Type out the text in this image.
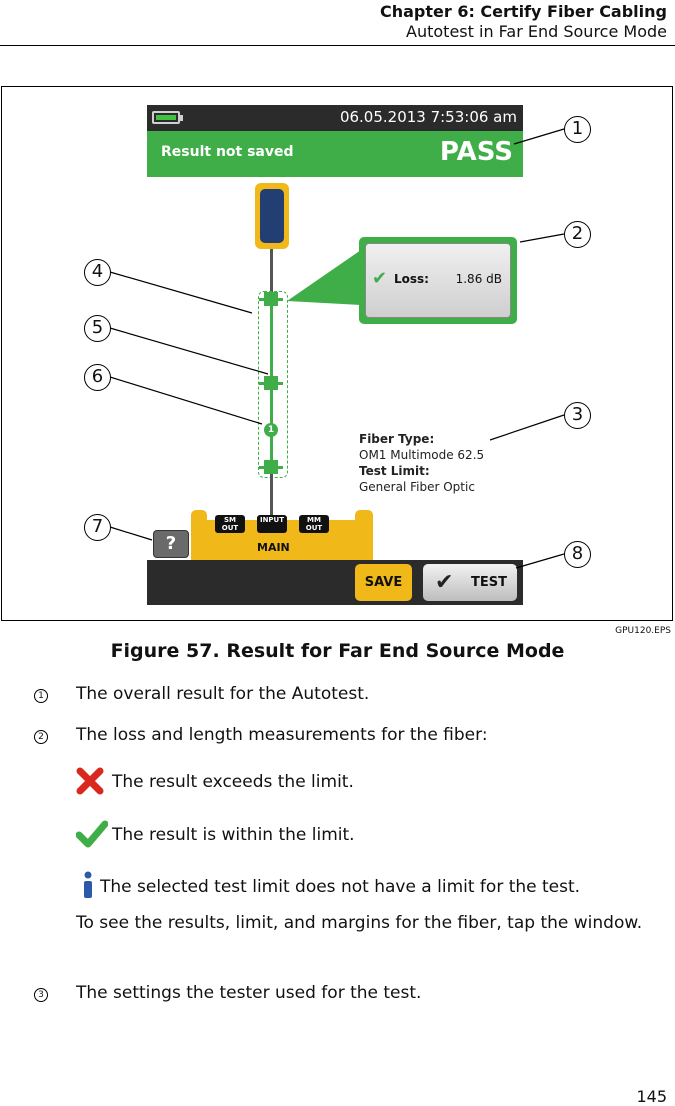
Chapter 6: Certify Fiber Cabling
Autotest in Far End Source Mode
06.05.2013 7:53:06 am
Result not saved	PASS
1
✔ Loss: 1.86 dB
Fiber Type:
OM1 Multimode 62.5
Test Limit:
General Fiber Optic
SM
OUT
INPUT	MM
OUT
MAIN
?
SAVE	✔ TEST
1
2
3
4
5
6
7
8
GPU120.EPS
Figure 57. Result for Far End Source Mode
1 The overall result for the Autotest.
2 The loss and length measurements for the fiber:
The result exceeds the limit.
The result is within the limit.
The selected test limit does not have a limit for the test.
To see the results, limit, and margins for the fiber, tap the window.
3 The settings the tester used for the test.
145
